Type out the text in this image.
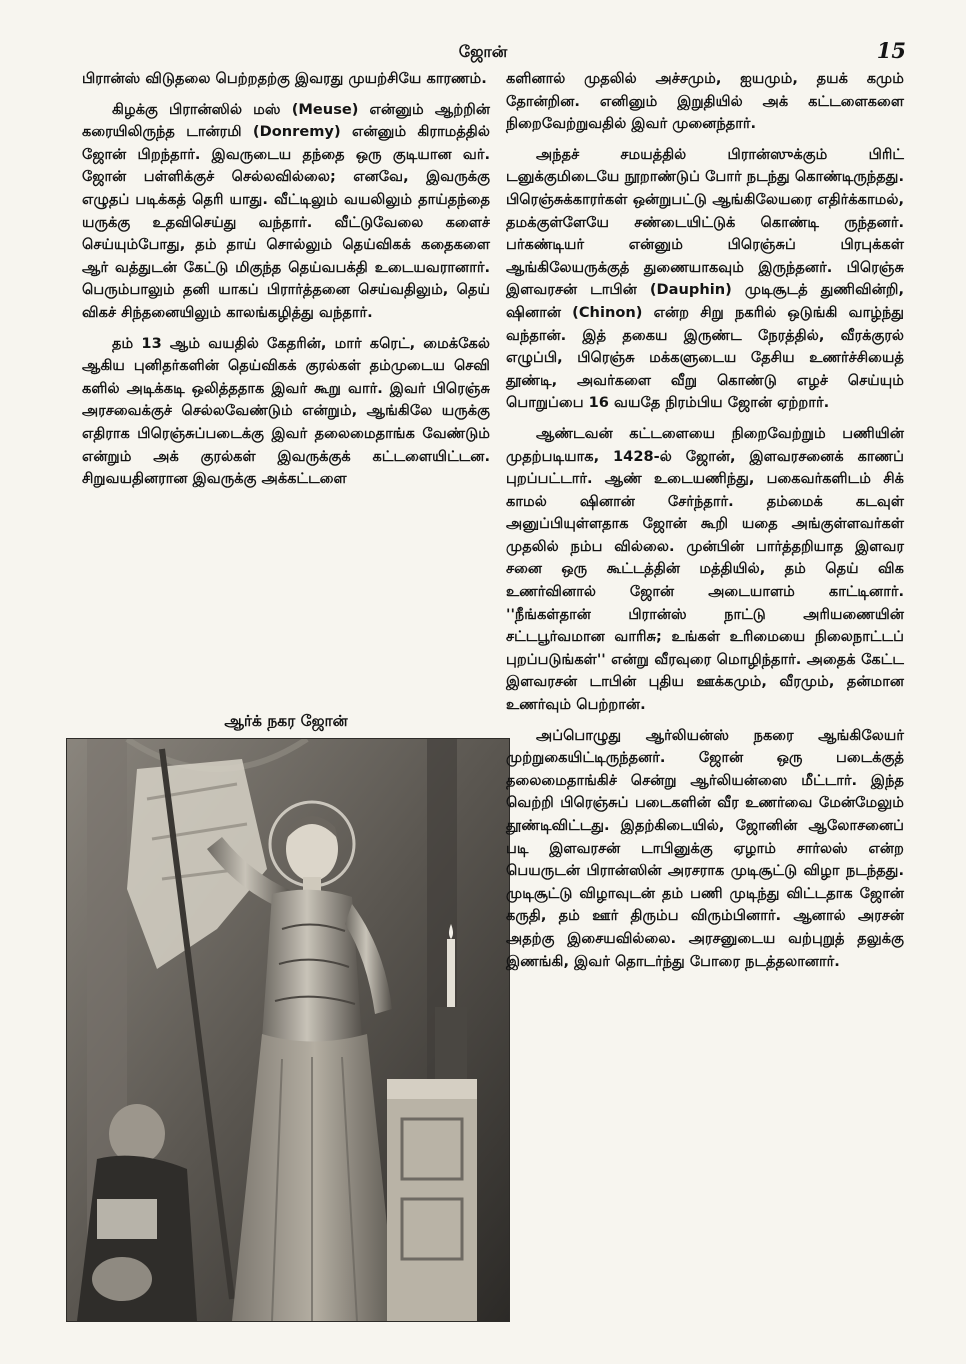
ஜோன்	15

பிரான்ஸ் விடுதலை பெற்றதற்கு இவரது முயற்சியே காரணம்.

கிழக்கு பிரான்ஸில் மஸ் (Meuse) என்னும் ஆற்றின் கரையிலிருந்த டான்ரமி (Donremy) என்னும் கிராமத்தில் ஜோன் பிறந்தார். இவருடைய தந்தை ஒரு குடியான வர். ஜோன் பள்ளிக்குச் செல்லவில்லை; எனவே, இவருக்கு எழுதப் படிக்கத் தெரி யாது. வீட்டிலும் வயலிலும் தாய்தந்தை யருக்கு உதவிசெய்து வந்தார். வீட்டுவேலை களைச் செய்யும்போது, தம் தாய் சொல்லும் தெய்விகக் கதைகளை ஆர் வத்துடன் கேட்டு மிகுந்த தெய்வபக்தி உடையவரானார். பெரும்பாலும் தனி யாகப் பிரார்த்தனை செய்வதிலும், தெய் விகச் சிந்தனையிலும் காலங்கழித்து வந்தார்.

தம் 13 ஆம் வயதில் கேதரின், மார் கரெட், மைக்கேல் ஆகிய புனிதர்களின் தெய்விகக் குரல்கள் தம்முடைய செவி களில் அடிக்கடி ஒலித்ததாக இவர் கூறு வார். இவர் பிரெஞ்சு அரசவைக்குச் செல்லவேண்டும் என்றும், ஆங்கிலே யருக்கு எதிராக பிரெஞ்சுப்படைக்கு இவர் தலைமைதாங்க வேண்டும் என்றும் அக் குரல்கள் இவருக்குக் கட்டளையிட்டன. சிறுவயதினரான இவருக்கு அக்கட்டளை

ஆர்க் நகர ஜோன்

களினால் முதலில் அச்சமும், ஐயமும், தயக் கமும் தோன்றின. எனினும் இறுதியில் அக் கட்டளைகளை நிறைவேற்றுவதில் இவர் முனைந்தார்.

அந்தச் சமயத்தில் பிரான்ஸுக்கும் பிரிட் டனுக்குமிடையே நூறாண்டுப் போர் நடந்து கொண்டிருந்தது. பிரெஞ்சுக்காரர்கள் ஒன்றுபட்டு ஆங்கிலேயரை எதிர்க்காமல், தமக்குள்ளேயே சண்டையிட்டுக் கொண்டி ருந்தனர். பர்கண்டியர் என்னும் பிரெஞ்சுப் பிரபுக்கள் ஆங்கிலேயருக்குத் துணையாகவும் இருந்தனர். பிரெஞ்சு இளவரசன் டாபின் (Dauphin) முடிசூடத் துணிவின்றி, ஷினான் (Chinon) என்ற சிறு நகரில் ஒடுங்கி வாழ்ந்து வந்தான். இத் தகைய இருண்ட நேரத்தில், வீரக்குரல் எழுப்பி, பிரெஞ்சு மக்களுடைய தேசிய உணர்ச்சியைத் தூண்டி, அவர்களை வீறு கொண்டு எழச் செய்யும் பொறுப்பை 16 வயதே நிரம்பிய ஜோன் ஏற்றார்.

ஆண்டவன் கட்டளையை நிறைவேற்றும் பணியின் முதற்படியாக, 1428-ல் ஜோன், இளவரசனைக் காணப் புறப்பட்டார். ஆண் உடையணிந்து, பகைவர்களிடம் சிக் காமல் ஷினான் சேர்ந்தார். தம்மைக் கடவுள் அனுப்பியுள்ளதாக ஜோன் கூறி யதை அங்குள்ளவர்கள் முதலில் நம்ப வில்லை. முன்பின் பார்த்தறியாத இளவர சனை ஒரு கூட்டத்தின் மத்தியில், தம் தெய் விக உணர்வினால் ஜோன் அடையாளம் காட்டினார். ''நீங்கள்தான் பிரான்ஸ் நாட்டு அரியணையின் சட்டபூர்வமான வாரிசு; உங்கள் உரிமையை நிலைநாட்டப் புறப்படுங்கள்'' என்று வீரவுரை மொழிந்தார். அதைக் கேட்ட இளவரசன் டாபின் புதிய ஊக்கமும், வீரமும், தன்மான உணர்வும் பெற்றான்.

அப்பொழுது ஆர்லியன்ஸ் நகரை ஆங்கிலேயர் முற்றுகையிட்டிருந்தனர். ஜோன் ஒரு படைக்குத் தலைமைதாங்கிச் சென்று ஆர்லியன்ஸை மீட்டார். இந்த வெற்றி பிரெஞ்சுப் படைகளின் வீர உணர்வை மேன்மேலும் தூண்டிவிட்டது. இதற்கிடையில், ஜோனின் ஆலோசனைப் படி இளவரசன் டாபினுக்கு ஏழாம் சார்லஸ் என்ற பெயருடன் பிரான்ஸின் அரசராக முடிசூட்டு விழா நடந்தது. முடிசூட்டு விழாவுடன் தம் பணி முடிந்து விட்டதாக ஜோன் கருதி, தம் ஊர் திரும்ப விரும்பினார். ஆனால் அரசன் அதற்கு இசையவில்லை. அரசனுடைய வற்புறுத் தலுக்கு இணங்கி, இவர் தொடர்ந்து போரை நடத்தலானார்.
